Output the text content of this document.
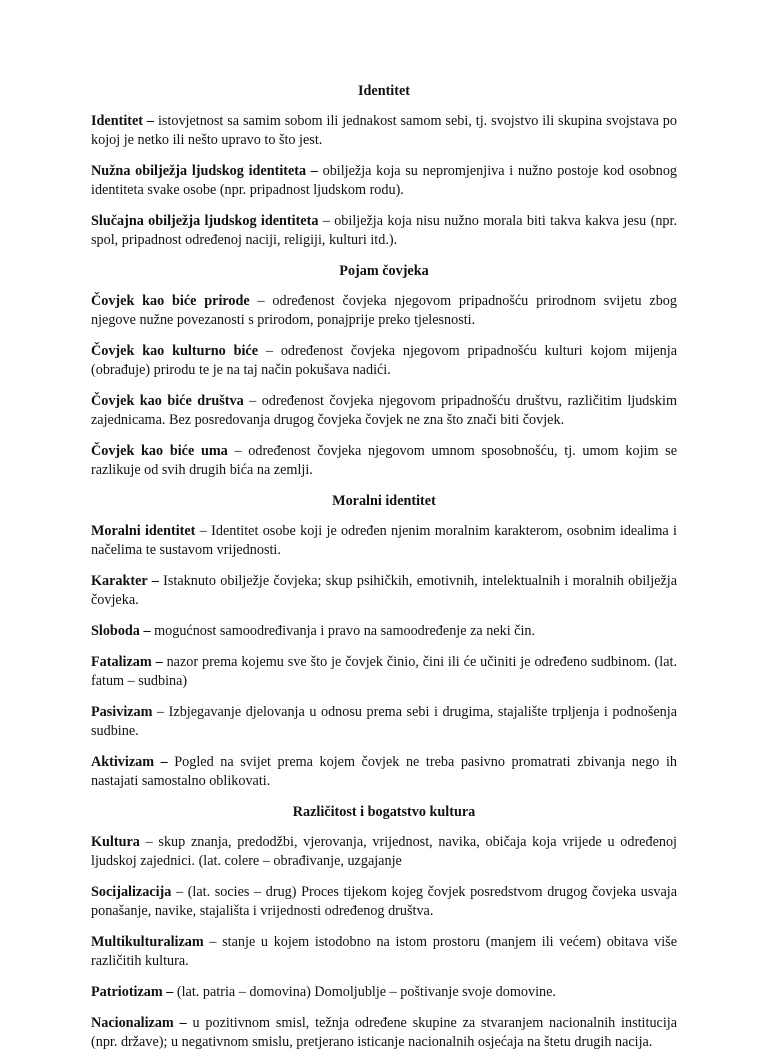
Identitet

Identitet – istovjetnost sa samim sobom ili jednakost samom sebi, tj. svojstvo ili skupina svojstava po kojoj je netko ili nešto upravo to što jest.

Nužna obilježja ljudskog identiteta – obilježja koja su nepromjenjiva i nužno postoje kod osobnog identiteta svake osobe (npr. pripadnost ljudskom rodu).

Slučajna obilježja ljudskog identiteta – obilježja koja nisu nužno morala biti takva kakva jesu (npr. spol, pripadnost određenoj naciji, religiji, kulturi itd.).

Pojam čovjeka

Čovjek kao biće prirode – određenost čovjeka njegovom pripadnošću prirodnom svijetu zbog njegove nužne povezanosti s prirodom, ponajprije preko tjelesnosti.

Čovjek kao kulturno biće – određenost čovjeka njegovom pripadnošću kulturi kojom mijenja (obrađuje) prirodu te je na taj način pokušava nadići.

Čovjek kao biće društva – određenost čovjeka njegovom pripadnošću društvu, različitim ljudskim zajednicama. Bez posredovanja drugog čovjeka čovjek ne zna što znači biti čovjek.

Čovjek kao biće uma – određenost čovjeka njegovom umnom sposobnošću, tj. umom kojim se razlikuje od svih drugih bića na zemlji.

Moralni identitet

Moralni identitet – Identitet osobe koji je određen njenim moralnim karakterom, osobnim idealima i načelima te sustavom vrijednosti.

Karakter – Istaknuto obilježje čovjeka; skup psihičkih, emotivnih, intelektualnih i moralnih obilježja čovjeka.

Sloboda – mogućnost samoodređivanja i pravo na samoodređenje za neki čin.

Fatalizam – nazor prema kojemu sve što je čovjek činio, čini ili će učiniti je određeno sudbinom. (lat. fatum – sudbina)

Pasivizam – Izbjegavanje djelovanja u odnosu prema sebi i drugima, stajalište trpljenja i podnošenja sudbine.

Aktivizam – Pogled na svijet prema kojem čovjek ne treba pasivno promatrati zbivanja nego ih nastajati samostalno oblikovati.

Različitost i bogatstvo kultura

Kultura – skup znanja, predodžbi, vjerovanja, vrijednost, navika, običaja koja vrijede u određenoj ljudskoj zajednici. (lat. colere – obrađivanje, uzgajanje

Socijalizacija – (lat. socies – drug) Proces tijekom kojeg čovjek posredstvom drugog čovjeka usvaja ponašanje, navike, stajališta i vrijednosti određenog društva.

Multikulturalizam – stanje u kojem istodobno na istom prostoru (manjem ili većem) obitava više različitih kultura.

Patriotizam – (lat. patria – domovina) Domoljublje – poštivanje svoje domovine.

Nacionalizam – u pozitivnom smisl, težnja određene skupine za stvaranjem nacionalnih institucija (npr. države); u negativnom smislu, pretjerano isticanje nacionalnih osjećaja na štetu drugih nacija.
